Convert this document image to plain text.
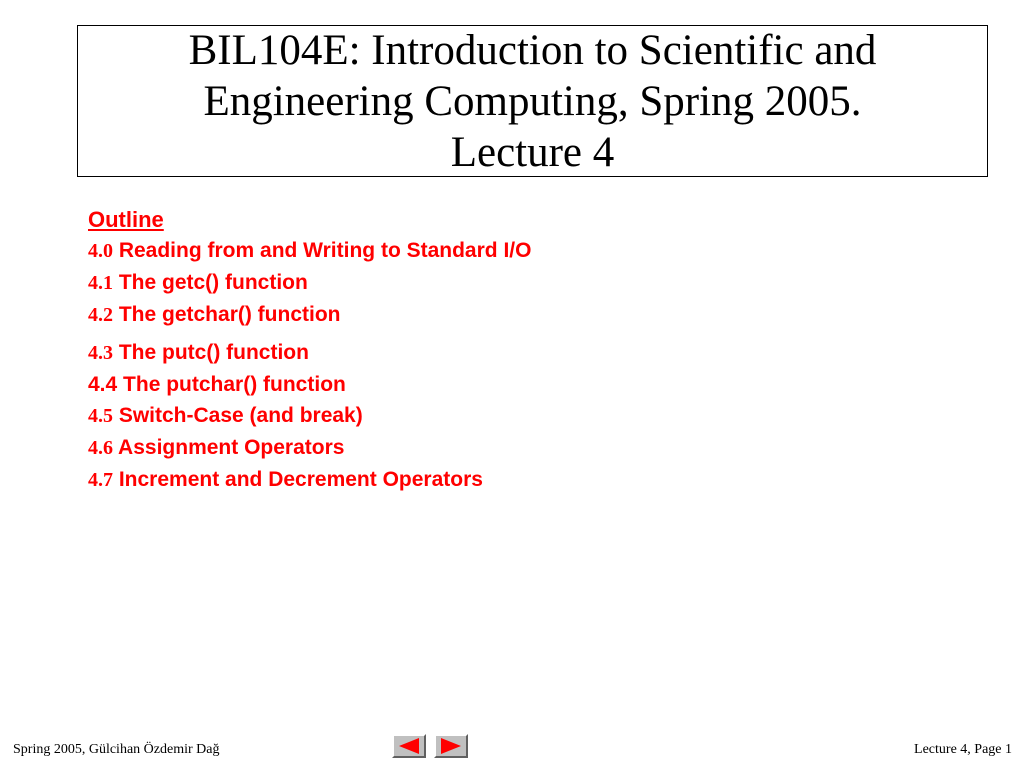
BIL104E: Introduction to Scientific and
Engineering Computing, Spring 2005.
Lecture 4
Outline
4.0 Reading from and Writing to Standard I/O
4.1 The getc() function
4.2 The getchar() function
4.3 The putc() function
4.4 The putchar() function
4.5 Switch-Case (and break)
4.6 Assignment Operators
4.7 Increment and Decrement Operators
Spring 2005, Gülcihan Özdemir Dağ	Lecture 4, Page 1
